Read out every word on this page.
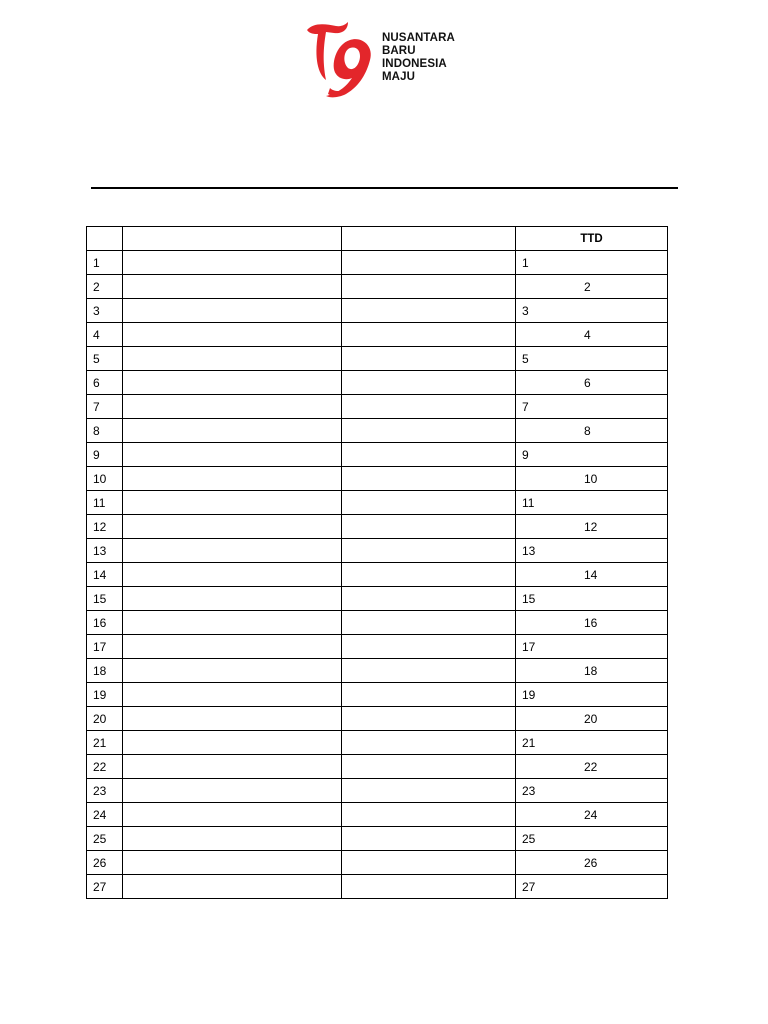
NUSANTARA
BARU
INDONESIA
MAJU
			TTD
1			1

2			2

3			3

4			4

5			5

6			6

7			7

8			8

9			9

10			10

11			11

12			12

13			13

14			14

15			15

16			16

17			17

18			18

19			19

20			20

21			21

22			22

23			23

24			24

25			25

26			26

27			27
